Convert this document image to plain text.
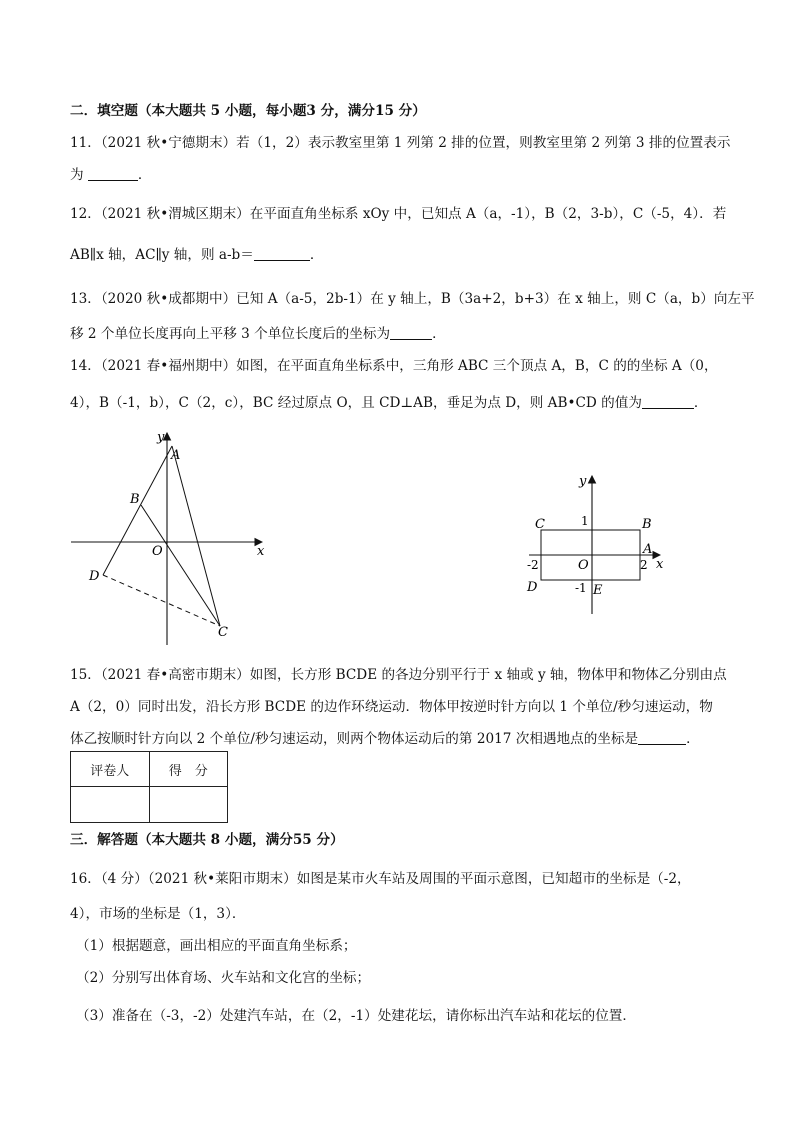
二．填空题（本大题共 5 小题，每小题3 分，满分15 分）
11．（2021 秋•宁德期末）若（1，2）表示教室里第 1 列第 2 排的位置，则教室里第 2 列第 3 排的位置表示
为	．
12．（2021 秋•渭城区期末）在平面直角坐标系 xOy 中，已知点 A（a，-1），B（2，3-b），C（-5，4）．若
AB∥x 轴，AC∥y 轴，则 a-b＝	．
13．（2020 秋•成都期中）已知 A（a-5，2b-1）在 y 轴上，B（3a+2，b+3）在 x 轴上，则 C（a，b）向左平
移 2 个单位长度再向上平移 3 个单位长度后的坐标为	．
14．（2021 春•福州期中）如图，在平面直角坐标系中，三角形 ABC 三个顶点 A，B，C 的的坐标 A（0，
4），B（-1，b），C（2，c），BC 经过原点 O，且 CD⊥AB，垂足为点 D，则 AB•CD 的值为	．
y
A
B
O	x
D
C
y
C	1	B
A
-2	O	2 x
D	-1 E
15．（2021 春•高密市期末）如图，长方形 BCDE 的各边分别平行于 x 轴或 y 轴，物体甲和物体乙分别由点
A（2，0）同时出发，沿长方形 BCDE 的边作环绕运动．物体甲按逆时针方向以 1 个单位/秒匀速运动，物
体乙按顺时针方向以 2 个单位/秒匀速运动，则两个物体运动后的第 2017 次相遇地点的坐标是	．
评卷人	得　分

三．解答题（本大题共 8 小题，满分55 分）
16．（4 分）（2021 秋•莱阳市期末）如图是某市火车站及周围的平面示意图，已知超市的坐标是（-2，
4），市场的坐标是（1，3）．
（1）根据题意，画出相应的平面直角坐标系；
（2）分别写出体育场、火车站和文化宫的坐标；
（3）准备在（-3，-2）处建汽车站，在（2，-1）处建花坛，请你标出汽车站和花坛的位置．
